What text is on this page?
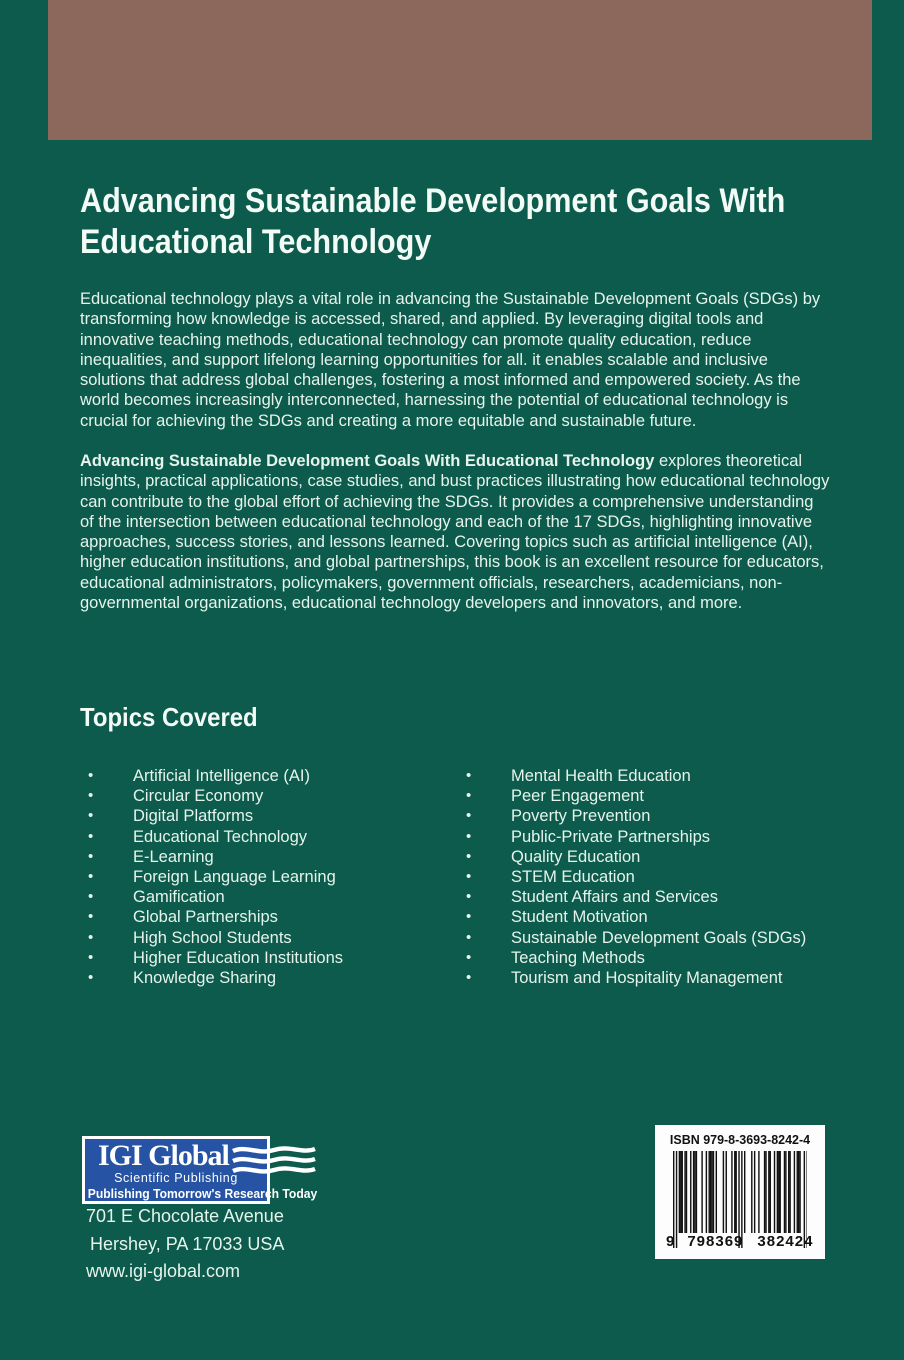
Advancing Sustainable Development Goals With
Educational Technology

Educational technology plays a vital role in advancing the Sustainable Development Goals (SDGs) by transforming how knowledge is accessed, shared, and applied. By leveraging digital tools and innovative teaching methods, educational technology can promote quality education, reduce inequalities, and support lifelong learning opportunities for all. it enables scalable and inclusive solutions that address global challenges, fostering a most informed and empowered society. As the world becomes increasingly interconnected, harnessing the potential of educational technology is crucial for achieving the SDGs and creating a more equitable and sustainable future.

Advancing Sustainable Development Goals With Educational Technology explores theoretical insights, practical applications, case studies, and bust practices illustrating how educational technology can contribute to the global effort of achieving the SDGs. It provides a comprehensive understanding of the intersection between educational technology and each of the 17 SDGs, highlighting innovative approaches, success stories, and lessons learned. Covering topics such as artificial intelligence (AI), higher education institutions, and global partnerships, this book is an excellent resource for educators, educational administrators, policymakers, government officials, researchers, academicians, non-governmental organizations, educational technology developers and innovators, and more.

Topics Covered
•	Artificial Intelligence (AI)
•	Circular Economy
•	Digital Platforms
•	Educational Technology
•	E-Learning
•	Foreign Language Learning
•	Gamification
•	Global Partnerships
•	High School Students
•	Higher Education Institutions
•	Knowledge Sharing
•	Mental Health Education
•	Peer Engagement
•	Poverty Prevention
•	Public-Private Partnerships
•	Quality Education
•	STEM Education
•	Student Affairs and Services
•	Student Motivation
•	Sustainable Development Goals (SDGs)
•	Teaching Methods
•	Tourism and Hospitality Management
IGI Global
Scientific Publishing
Publishing Tomorrow's Research Today
701 E Chocolate Avenue
Hershey, PA 17033 USA
www.igi-global.com
ISBN 979-8-3693-8242-4
9 798369 382424
